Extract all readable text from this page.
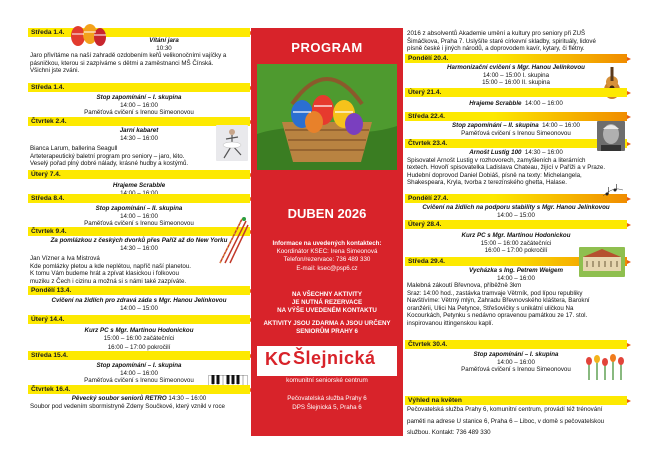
Středa 1.4.
Vítání jara
10:30
Jaro přivítáme na naší zahradě ozdobením keřů velikonočními vajíčky a
pásničkou, kterou si zazpíváme s dětmi a zaměstnanci MŠ Čínská.
Všichni jste zváni.
Středa 1.4.
Stop zapomínání – I. skupina
14:00 – 16:00
Paměťová cvičení s Irenou Simeonovou
Čtvrtek 2.4.
Jarní kabaret
14:30 – 16:00
Bianca Larum, ballerina Seagull
Arteterapeutický baletní program pro seniory – jaro, léto.
Veselý pořad plný dobré nálady, krásné hudby a kostýmů.
Úterý 7.4.
Hrajeme Scrabble
Středa 8.4.
Stop zapomínání – II. skupina
14:00 – 16:00
Paměťová cvičení s Irenou Simeonovou
Čtvrtek 9.4.
Za pomlázkou z českých dvorků přes Paříž až do New Yorku
14:30 – 16:00
Jan Vízner a Iva Mistrová
Kde pomlázky pletou a kde neplétou, napříč naší planetou.
K tomu Vám budeme hrát a zpívat klasickou i folkovou
muziku z Čech i cizinu a možná si s námi také zazpíváte.
Pondělí 13.4.
Cvičení na židlích pro zdravá záda s Mgr. Hanou Jelínkovou
14:00 – 15:00
Úterý 14.4.
Kurz PC s Mgr. Martinou Hodonickou
15:00 – 16:00 začátečníci
16:00 – 17:00 pokročilí
Středa 15.4.
Stop zapomínání – I. skupina
14:00 – 16:00
Paměťová cvičení s Irenou Simeonovou
Čtvrtek 16.4.
Pěvecký soubor seniorů RETRO 14:30 – 16:00
Soubor pod vedením sbormistryně Zdeny Součkové, který vznikl v roce
PROGRAM
DUBEN 2026
Informace na uvedených kontaktech:
Koordinátor KSEC: Irena Simeonová
Telefon/rezervace: 736 489 330
E-mail: ksec@psp6.cz
NA VŠECHNY AKTIVITY
JE NUTNÁ REZERVACE
NA VÝŠE UVEDENÉM KONTAKTU
AKTIVITY JSOU ZDARMA A JSOU URČENY
SENIORŮM PRAHY 6
KC Šlejnická
komunitní seniorské centrum
Pečovatelská služba Prahy 6
DPS Šlejnická 5, Praha 6
2016 z absolventů Akademie umění a kultury pro seniory při ZUŠ
Šimáčkova, Praha 7. Uslyšíte staré církevní skladby, spirituály, lidové
písně české i jiných národů, a doprovodem kavír, kytary, či flétny.
Pondělí 20.4.
Harmonizační cvičení s Mgr. Hanou Jelínkovou
14:00 – 15:00 I. skupina
15:00 – 16:00 II. skupina
Úterý 21.4.
Hrajeme Scrabble 14:00 – 16:00
Středa 22.4.
Stop zapomínání – II. skupina 14:00 – 16:00
Paměťová cvičení s Irenou Simeonovou
Čtvrtek 23.4.
Arnošt Lustig 100 14:30 – 16:00
Spisovatel Arnošt Lustig v rozhovorech, zamyšleních a literárních
textech. Hovoří spisovatelka Ladislava Chateau, žijící v Paříži a v Praze.
Hudební doprovod Daniel Dobiáš, písně na texty: Michelangela,
Shakespeara, Kryla, tvorba z terezínského ghetta, Halase.
Pondělí 27.4.
Cvičení na židlích na podporu stability s Mgr. Hanou Jelínkovou
14:00 – 15:00
Úterý 28.4.
Kurz PC s Mgr. Martinou Hodonickou
15:00 – 16:00 začátečníci
16:00 – 17:00 pokročilí
Středa 29.4.
Vycházka s Ing. Petrem Weigem
14:00 – 16:00
Malebná zákoutí Břevnova, příběžně 3km
Sraz: 14:00 hod., zastávka tramvaje Větrník, pod lípou republiky
Navštívíme: Větrný mlýn, Zahradu Břevnovského kláštera, Barokní
oranžérii, Ulici Na Petynce, Střešovičky s unikátní uličkou Na
Kocourkách, Petynku s nedávno opravenou památkou ze 17. stol.
inspirovanou ittingenskou kaplí.
Čtvrtek 30.4.
Stop zapomínání – I. skupina
14:00 – 16:00
Paměťová cvičení s Irenou Simeonovou
Výhled na květen
Pečovatelská služba Prahy 6, komunitní centrum, provádí též trénování
paměti na adrese U stanice 6, Praha 6 – Liboc, v domě s pečovatelskou
službou. Kontakt: 736 489 330
